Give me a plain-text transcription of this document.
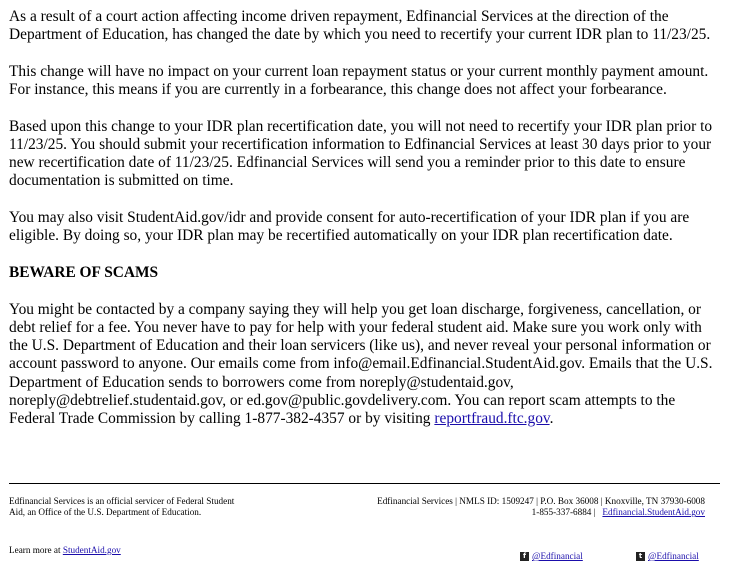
As a result of a court action affecting income driven repayment, Edfinancial Services at the direction of the Department of Education, has changed the date by which you need to recertify your current IDR plan to 11/23/25.

This change will have no impact on your current loan repayment status or your current monthly payment amount. For instance, this means if you are currently in a forbearance, this change does not affect your forbearance.

Based upon this change to your IDR plan recertification date, you will not need to recertify your IDR plan prior to 11/23/25. You should submit your recertification information to Edfinancial Services at least 30 days prior to your new recertification date of 11/23/25. Edfinancial Services will send you a reminder prior to this date to ensure documentation is submitted on time.

You may also visit StudentAid.gov/idr and provide consent for auto-recertification of your IDR plan if you are eligible. By doing so, your IDR plan may be recertified automatically on your IDR plan recertification date.

BEWARE OF SCAMS

You might be contacted by a company saying they will help you get loan discharge, forgiveness, cancellation, or debt relief for a fee. You never have to pay for help with your federal student aid. Make sure you work only with the U.S. Department of Education and their loan servicers (like us), and never reveal your personal information or account password to anyone. Our emails come from info@email.Edfinancial.StudentAid.gov. Emails that the U.S. Department of Education sends to borrowers come from noreply@studentaid.gov, noreply@debtrelief.studentaid.gov, or ed.gov@public.govdelivery.com. You can report scam attempts to the Federal Trade Commission by calling 1-877-382-4357 or by visiting reportfraud.ftc.gov.

Edfinancial Services is an official servicer of Federal Student Aid, an Office of the U.S. Department of Education.
Edfinancial Services | NMLS ID: 1509247 | P.O. Box 36008 | Knoxville, TN 37930-6008
1-855-337-6884 | Edfinancial.StudentAid.gov
Learn more at StudentAid.gov
f @Edfinancial	t @Edfinancial
